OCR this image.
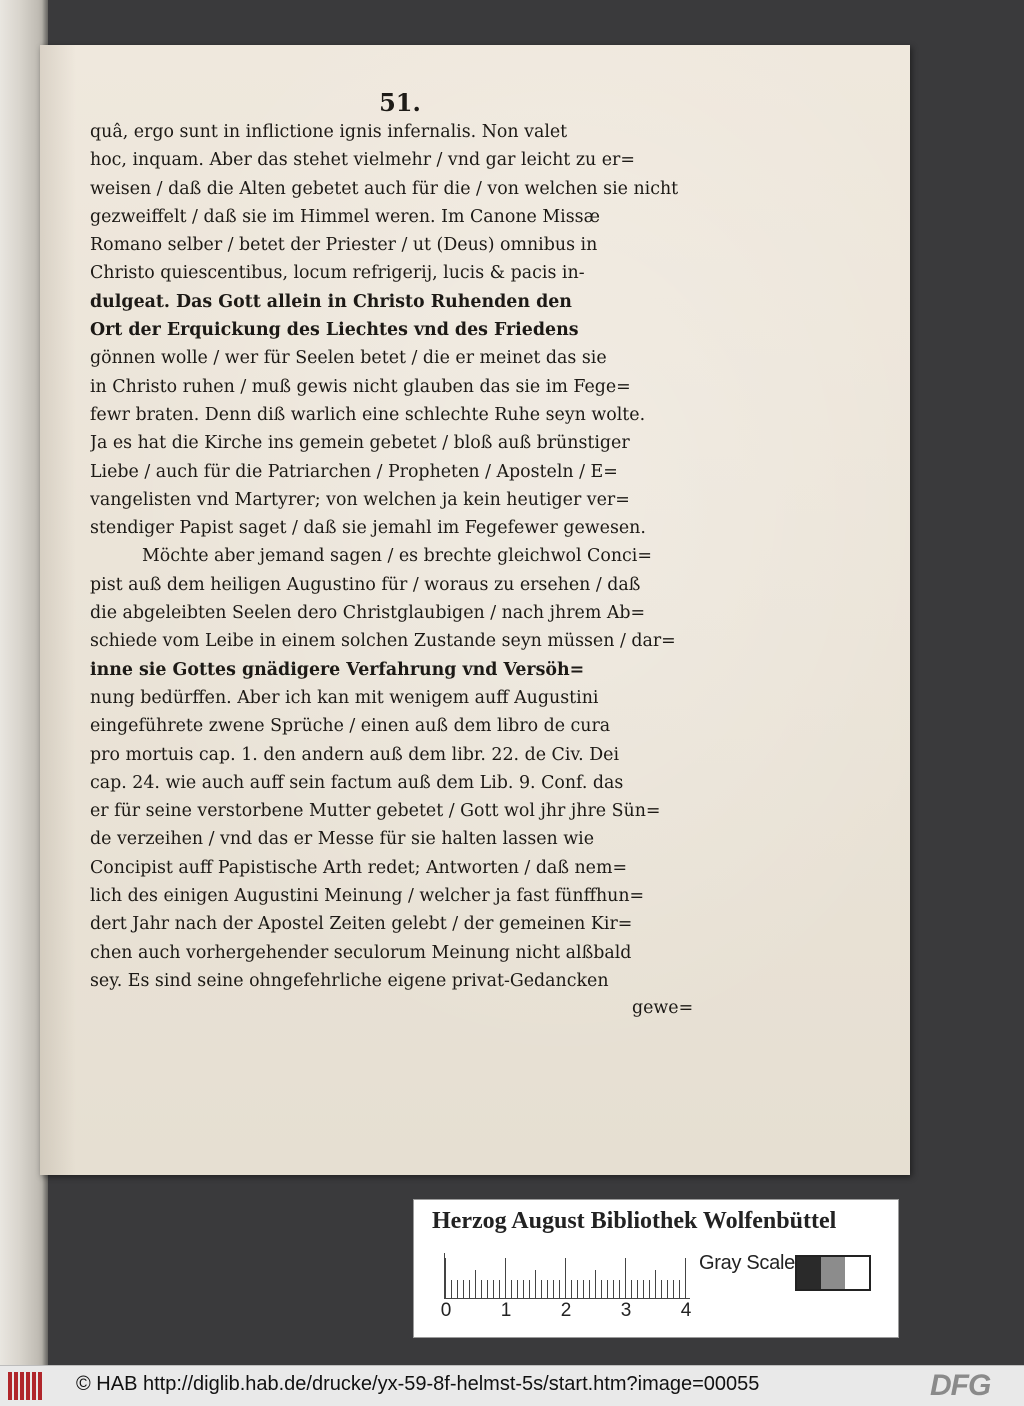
51.
quâ, ergo sunt in inflictione ignis infernalis. Non valet
hoc, inquam. Aber das stehet vielmehr / vnd gar leicht zu er=
weisen / daß die Alten gebetet auch für die / von welchen sie nicht
gezweiffelt / daß sie im Himmel weren. Im Canone Missæ
Romano selber / betet der Priester / ut (Deus) omnibus in
Christo quiescentibus, locum refrigerij, lucis & pacis in-
dulgeat. Das Gott allein in Christo Ruhenden den
Ort der Erquickung des Liechtes vnd des Friedens
gönnen wolle / wer für Seelen betet / die er meinet das sie
in Christo ruhen / muß gewis nicht glauben das sie im Fege=
fewr braten. Denn diß warlich eine schlechte Ruhe seyn wolte.
Ja es hat die Kirche ins gemein gebetet / bloß auß brünstiger
Liebe / auch für die Patriarchen / Propheten / Aposteln / E=
vangelisten vnd Martyrer; von welchen ja kein heutiger ver=
stendiger Papist saget / daß sie jemahl im Fegefewer gewesen.
Möchte aber jemand sagen / es brechte gleichwol Conci=
pist auß dem heiligen Augustino für / woraus zu ersehen / daß
die abgeleibten Seelen dero Christglaubigen / nach jhrem Ab=
schiede vom Leibe in einem solchen Zustande seyn müssen / dar=
inne sie Gottes gnädigere Verfahrung vnd Versöh=
nung bedürffen. Aber ich kan mit wenigem auff Augustini
eingeführete zwene Sprüche / einen auß dem libro de cura
pro mortuis cap. 1. den andern auß dem libr. 22. de Civ. Dei
cap. 24. wie auch auff sein factum auß dem Lib. 9. Conf. das
er für seine verstorbene Mutter gebetet / Gott wol jhr jhre Sün=
de verzeihen / vnd das er Messe für sie halten lassen wie
Concipist auff Papistische Arth redet; Antworten / daß nem=
lich des einigen Augustini Meinung / welcher ja fast fünffhun=
dert Jahr nach der Apostel Zeiten gelebt / der gemeinen Kir=
chen auch vorhergehender seculorum Meinung nicht alßbald
sey. Es sind seine ohngefehrliche eigene privat-Gedancken
gewe=
Herzog August Bibliothek Wolfenbüttel
0	1	2	3	4
Gray Scale
© HAB http://diglib.hab.de/drucke/yx-59-8f-helmst-5s/start.htm?image=00055	DFG
